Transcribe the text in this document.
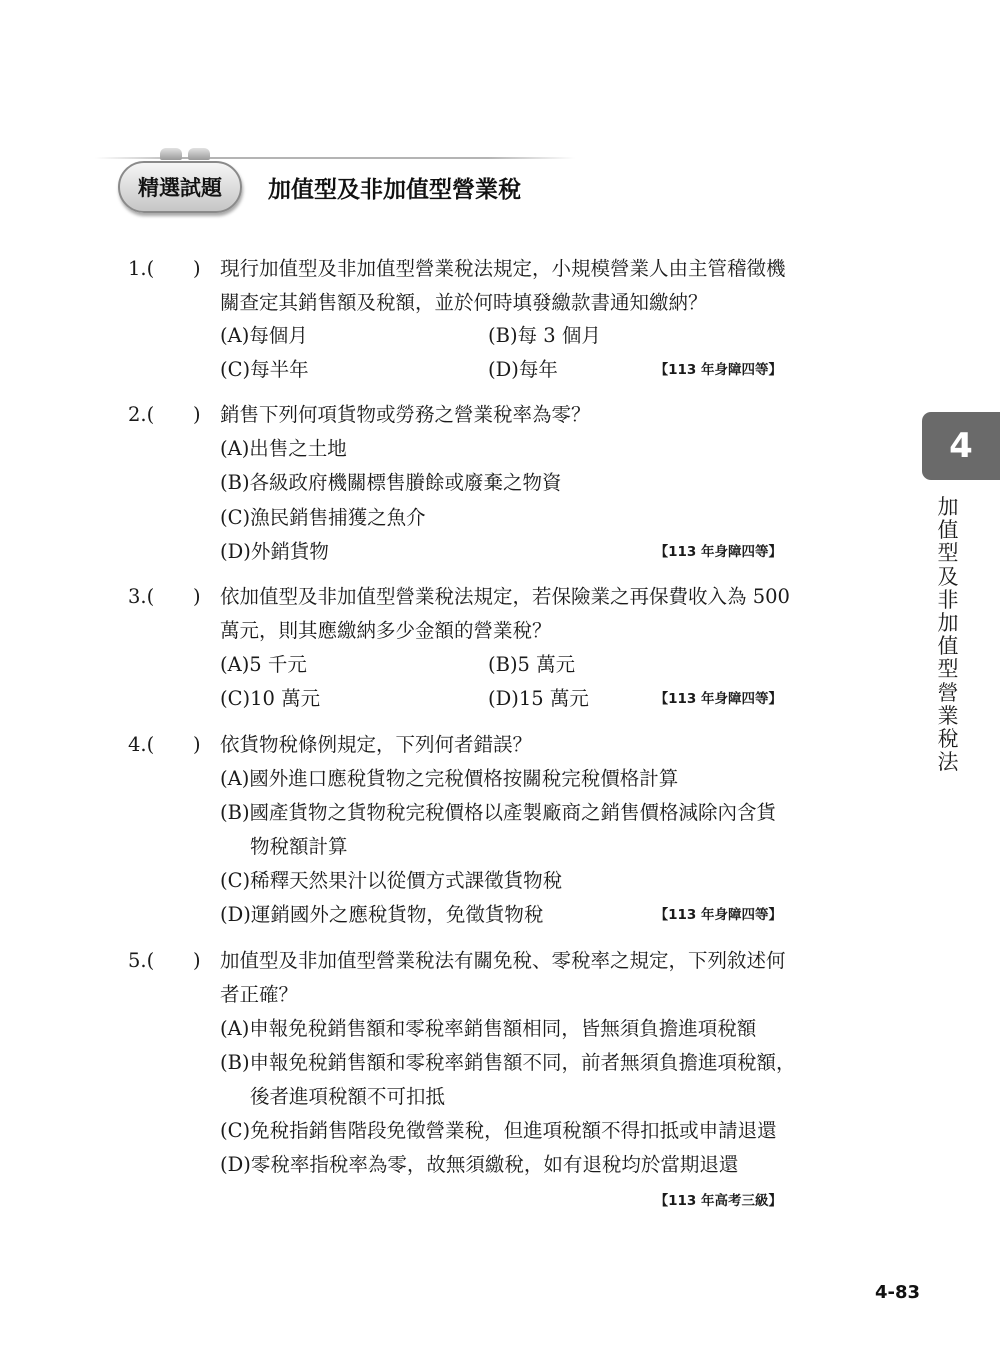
精選試題	加值型及非加值型營業稅
1.( ) 現行加值型及非加值型營業稅法規定，小規模營業人由主管稽徵機
關查定其銷售額及稅額，並於何時填發繳款書通知繳納？
(A)每個月	(B)每 3 個月
(C)每半年	(D)每年	【113 年身障四等】
2.( ) 銷售下列何項貨物或勞務之營業稅率為零？
(A)出售之土地
(B)各級政府機關標售賸餘或廢棄之物資
(C)漁民銷售捕獲之魚介
(D)外銷貨物	【113 年身障四等】
3.( ) 依加值型及非加值型營業稅法規定，若保險業之再保費收入為 500
萬元，則其應繳納多少金額的營業稅？
(A)5 千元	(B)5 萬元
(C)10 萬元	(D)15 萬元	【113 年身障四等】
4.( ) 依貨物稅條例規定，下列何者錯誤？
(A)國外進口應稅貨物之完稅價格按關稅完稅價格計算
(B)國產貨物之貨物稅完稅價格以產製廠商之銷售價格減除內含貨
物稅額計算
(C)稀釋天然果汁以從價方式課徵貨物稅
(D)運銷國外之應稅貨物，免徵貨物稅	【113 年身障四等】
5.( ) 加值型及非加值型營業稅法有關免稅、零稅率之規定，下列敘述何
者正確？
(A)申報免稅銷售額和零稅率銷售額相同，皆無須負擔進項稅額
(B)申報免稅銷售額和零稅率銷售額不同，前者無須負擔進項稅額，
後者進項稅額不可扣抵
(C)免稅指銷售階段免徵營業稅，但進項稅額不得扣抵或申請退還
(D)零稅率指稅率為零，故無須繳稅，如有退稅均於當期退還
【113 年高考三級】
4
加值型及非加值型營業稅法
4-83
